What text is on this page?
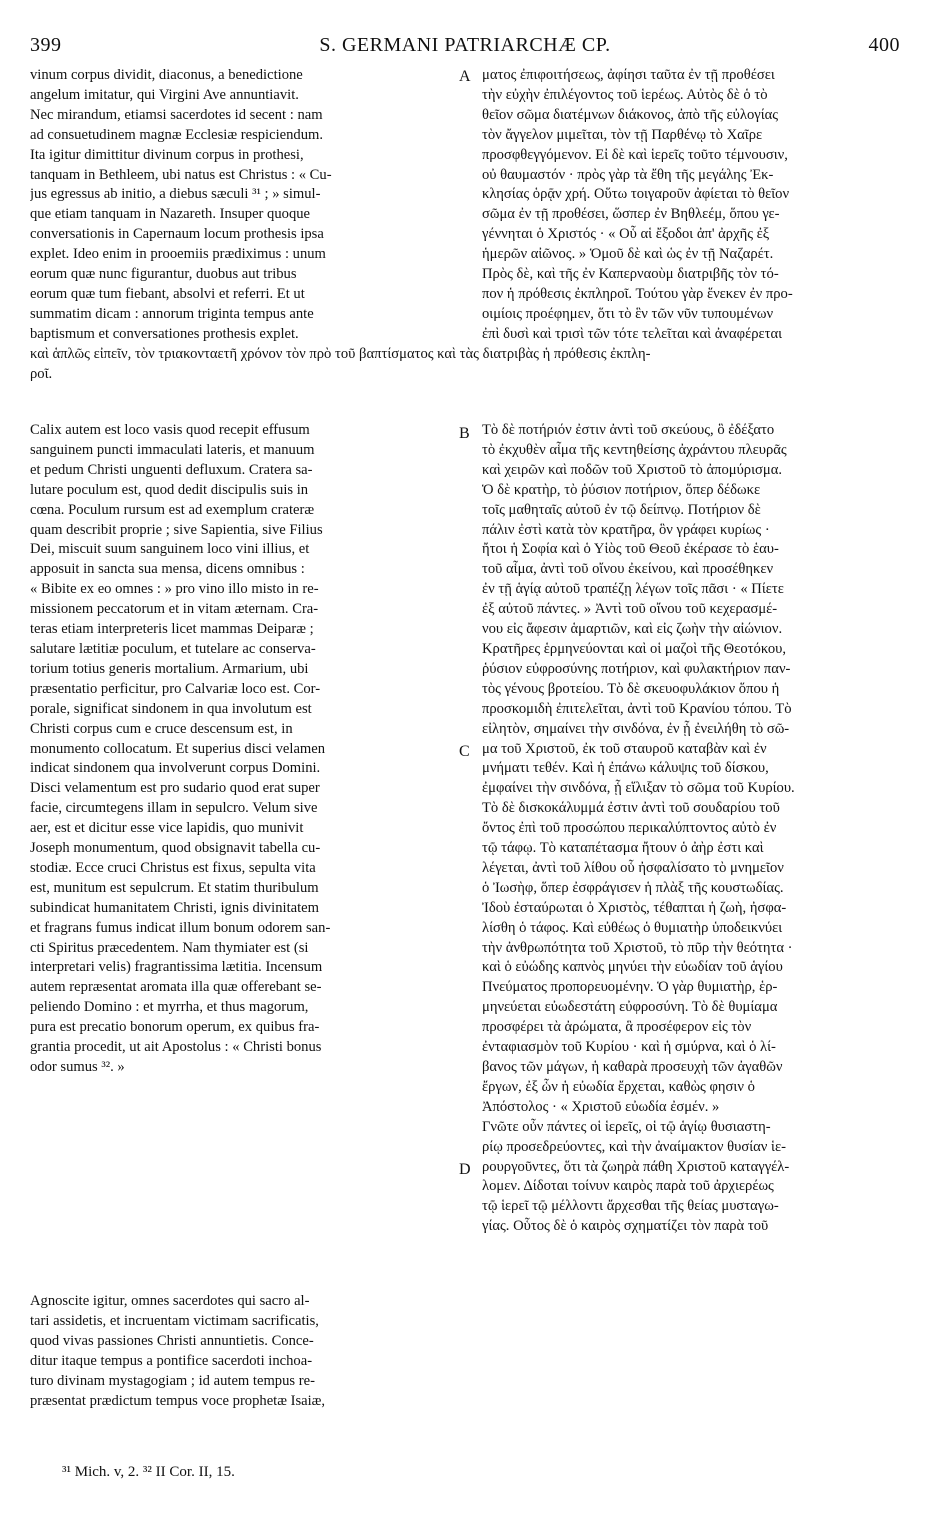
399	S. GERMANI PATRIARCHÆ CP.	400
vinum corpus dividit, diaconus, a benedictione
angelum imitatur, qui Virgini Ave annuntiavit.
Nec mirandum, etiamsi sacerdotes id secent : nam
ad consuetudinem magnæ Ecclesiæ respiciendum.
Ita igitur dimittitur divinum corpus in prothesi,
tanquam in Bethleem, ubi natus est Christus : « Cu-
jus egressus ab initio, a diebus sæculi ³¹ ; » simul-
que etiam tanquam in Nazareth. Insuper quoque
conversationis in Capernaum locum prothesis ipsa
explet. Ideo enim in prooemiis prædiximus : unum
eorum quæ nunc figurantur, duobus aut tribus
eorum quæ tum fiebant, absolvi et referri. Et ut
summatim dicam : annorum triginta tempus ante
baptismum et conversationes prothesis explet.
ματος ἐπιφοιτήσεως, ἀφίησι ταῦτα ἐν τῇ προθέσει
τὴν εὐχὴν ἐπιλέγοντος τοῦ ἱερέως. Αὐτὸς δὲ ὁ τὸ
θεῖον σῶμα διατέμνων διάκονος, ἀπὸ τῆς εὐλογίας
τὸν ἄγγελον μιμεῖται, τὸν τῇ Παρθένῳ τὸ Χαῖρε
προσφθεγγόμενον. Εἰ δὲ καὶ ἱερεῖς τοῦτο τέμνουσιν,
οὐ θαυμαστόν · πρὸς γὰρ τὰ ἔθη τῆς μεγάλης Ἐκ-
κλησίας ὁρᾷν χρή. Οὕτω τοιγαροῦν ἀφίεται τὸ θεῖον
σῶμα ἐν τῇ προθέσει, ὥσπερ ἐν Βηθλεέμ, ὅπου γε-
γέννηται ὁ Χριστός · « Οὗ αἱ ἔξοδοι ἀπ' ἀρχῆς ἐξ
ἡμερῶν αἰῶνος. » Ὁμοῦ δὲ καὶ ὡς ἐν τῇ Ναζαρέτ.
Πρὸς δὲ, καὶ τῆς ἐν Καπερναοὺμ διατριβῆς τὸν τό-
πον ἡ πρόθεσις ἐκπληροῖ. Τούτου γὰρ ἕνεκεν ἐν προ-
οιμίοις προέφημεν, ὅτι τὸ ἓν τῶν νῦν τυπουμένων
ἐπὶ δυσὶ καὶ τρισὶ τῶν τότε τελεῖται καὶ ἀναφέρεται
καὶ ἁπλῶς εἰπεῖν, τὸν τριακονταετῆ χρόνον τὸν πρὸ τοῦ βαπτίσματος καὶ τὰς διατριβὰς ἡ πρόθεσις ἐκπλη-
ροῖ.
Calix autem est loco vasis quod recepit effusum
sanguinem puncti immaculati lateris, et manuum
et pedum Christi unguenti defluxum. Cratera sa-
lutare poculum est, quod dedit discipulis suis in
cœna. Poculum rursum est ad exemplum crateræ
quam describit proprie ; sive Sapientia, sive Filius
Dei, miscuit suum sanguinem loco vini illius, et
apposuit in sancta sua mensa, dicens omnibus :
« Bibite ex eo omnes : » pro vino illo misto in re-
missionem peccatorum et in vitam æternam. Cra-
teras etiam interpreteris licet mammas Deiparæ ;
salutare lætitiæ poculum, et tutelare ac conserva-
torium totius generis mortalium. Armarium, ubi
præsentatio perficitur, pro Calvariæ loco est. Cor-
porale, significat sindonem in qua involutum est
Christi corpus cum e cruce descensum est, in
monumento collocatum. Et superius disci velamen
indicat sindonem qua involverunt corpus Domini.
Disci velamentum est pro sudario quod erat super
facie, circumtegens illam in sepulcro. Velum sive
aer, est et dicitur esse vice lapidis, quo munivit
Joseph monumentum, quod obsignavit tabella cu-
stodiæ. Ecce cruci Christus est fixus, sepulta vita
est, munitum est sepulcrum. Et statim thuribulum
subindicat humanitatem Christi, ignis divinitatem
et fragrans fumus indicat illum bonum odorem san-
cti Spiritus præcedentem. Nam thymiater est (si
interpretari velis) fragrantissima lætitia. Incensum
autem repræsentat aromata illa quæ offerebant se-
peliendo Domino : et myrrha, et thus magorum,
pura est precatio bonorum operum, ex quibus fra-
grantia procedit, ut ait Apostolus : « Christi bonus
odor sumus ³². »
Τὸ δὲ ποτήριόν ἐστιν ἀντὶ τοῦ σκεύους, ὃ ἐδέξατο
τὸ ἐκχυθὲν αἷμα τῆς κεντηθείσης ἀχράντου πλευρᾶς
καὶ χειρῶν καὶ ποδῶν τοῦ Χριστοῦ τὸ ἀπομύρισμα.
Ὁ δὲ κρατὴρ, τὸ ῥύσιον ποτήριον, ὅπερ δέδωκε
τοῖς μαθηταῖς αὐτοῦ ἐν τῷ δείπνῳ. Ποτήριον δὲ
πάλιν ἐστὶ κατὰ τὸν κρατῆρα, ὃν γράφει κυρίως ·
ἤτοι ἡ Σοφία καὶ ὁ Υἱὸς τοῦ Θεοῦ ἐκέρασε τὸ ἑαυ-
τοῦ αἷμα, ἀντὶ τοῦ οἴνου ἐκείνου, καὶ προσέθηκεν
ἐν τῇ ἁγίᾳ αὐτοῦ τραπέζῃ λέγων τοῖς πᾶσι · « Πίετε
ἐξ αὐτοῦ πάντες. » Ἀντὶ τοῦ οἴνου τοῦ κεχερασμέ-
νου εἰς ἄφεσιν ἁμαρτιῶν, καὶ εἰς ζωὴν τὴν αἰώνιον.
Κρατῆρες ἑρμηνεύονται καὶ οἱ μαζοὶ τῆς Θεοτόκου,
ῥύσιον εὐφροσύνης ποτήριον, καὶ φυλακτήριον παν-
τὸς γένους βροτείου. Τὸ δὲ σκευοφυλάκιον ὅπου ἡ
προσκομιδὴ ἐπιτελεῖται, ἀντὶ τοῦ Κρανίου τόπου. Τὸ
εἰλητὸν, σημαίνει τὴν σινδόνα, ἐν ᾗ ἐνειλήθη τὸ σῶ-
μα τοῦ Χριστοῦ, ἐκ τοῦ σταυροῦ καταβὰν καὶ ἐν
μνήματι τεθέν. Καὶ ἡ ἐπάνω κάλυψις τοῦ δίσκου,
ἐμφαίνει τὴν σινδόνα, ᾗ εἵλιξαν τὸ σῶμα τοῦ Κυρίου.
Τὸ δὲ δισκοκάλυμμά ἐστιν ἀντὶ τοῦ σουδαρίου τοῦ
ὄντος ἐπὶ τοῦ προσώπου περικαλύπτοντος αὐτὸ ἐν
τῷ τάφῳ. Τὸ καταπέτασμα ἤτουν ὁ ἀὴρ ἐστι καὶ
λέγεται, ἀντὶ τοῦ λίθου οὗ ἠσφαλίσατο τὸ μνημεῖον
ὁ Ἰωσὴφ, ὅπερ ἐσφράγισεν ἡ πλὰξ τῆς κουστωδίας.
Ἰδοὺ ἐσταύρωται ὁ Χριστὸς, τέθαπται ἡ ζωὴ, ἠσφα-
λίσθη ὁ τάφος. Καὶ εὐθέως ὁ θυμιατὴρ ὑποδεικνύει
τὴν ἀνθρωπότητα τοῦ Χριστοῦ, τὸ πῦρ τὴν θεότητα ·
καὶ ὁ εὐώδης καπνὸς μηνύει τὴν εὐωδίαν τοῦ ἁγίου
Πνεύματος προπορευομένην. Ὁ γὰρ θυμιατὴρ, ἑρ-
μηνεύεται εὐωδεστάτη εὐφροσύνη. Τὸ δὲ θυμίαμα
προσφέρει τὰ ἀρώματα, ἃ προσέφερον εἰς τὸν
ἐνταφιασμὸν τοῦ Κυρίου · καὶ ἡ σμύρνα, καὶ ὁ λί-
βανος τῶν μάγων, ἡ καθαρὰ προσευχὴ τῶν ἀγαθῶν
ἔργων, ἐξ ὧν ἡ εὐωδία ἔρχεται, καθὼς φησιν ὁ
Ἀπόστολος · « Χριστοῦ εὐωδία ἐσμέν. »
Γνῶτε οὖν πάντες οἱ ἱερεῖς, οἱ τῷ ἁγίῳ θυσιαστη-
ρίῳ προσεδρεύοντες, καὶ τὴν ἀναίμακτον θυσίαν ἱε-
ρουργοῦντες, ὅτι τὰ ζωηρὰ πάθη Χριστοῦ καταγγέλ-
λομεν. Δίδοται τοίνυν καιρὸς παρὰ τοῦ ἀρχιερέως
τῷ ἱερεῖ τῷ μέλλοντι ἄρχεσθαι τῆς θείας μυσταγω-
γίας. Οὗτος δὲ ὁ καιρὸς σχηματίζει τὸν παρὰ τοῦ
Agnoscite igitur, omnes sacerdotes qui sacro al-
tari assidetis, et incruentam victimam sacrificatis,
quod vivas passiones Christi annuntietis. Conce-
ditur itaque tempus a pontifice sacerdoti inchoa-
turo divinam mystagogiam ; id autem tempus re-
præsentat prædictum tempus voce prophetæ Isaiæ,
A
B
C
D
³¹ Mich. v, 2. ³² II Cor. II, 15.
